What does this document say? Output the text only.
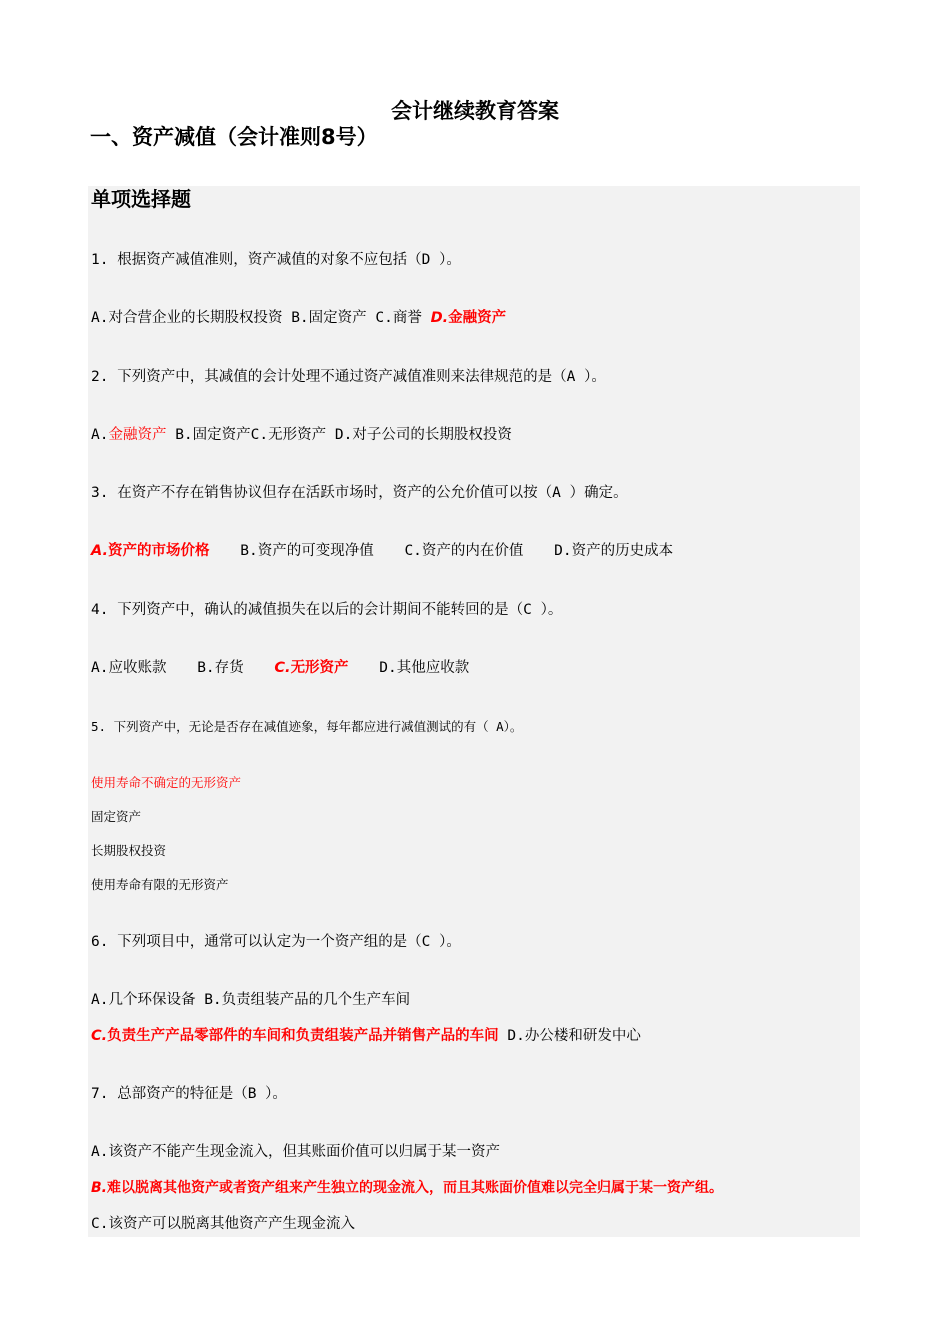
会计继续教育答案
一、资产减值（会计准则8号）
单项选择题

1. 根据资产减值准则，资产减值的对象不应包括（D ）。

A.对合营企业的长期股权投资 B.固定资产 C.商誉 D.金融资产

2. 下列资产中，其减值的会计处理不通过资产减值准则来法律规范的是（A ）。

A.金融资产 B.固定资产C.无形资产 D.对子公司的长期股权投资

3. 在资产不存在销售协议但存在活跃市场时，资产的公允价值可以按（A ）确定。

A.资产的市场价格 B.资产的可变现净值 C.资产的内在价值 D.资产的历史成本

4. 下列资产中，确认的减值损失在以后的会计期间不能转回的是（C ）。

A.应收账款 B.存货 C.无形资产 D.其他应收款

5. 下列资产中，无论是否存在减值迹象，每年都应进行减值测试的有（ A）。

使用寿命不确定的无形资产

固定资产

长期股权投资

使用寿命有限的无形资产

6. 下列项目中，通常可以认定为一个资产组的是（C ）。

A.几个环保设备 B.负责组装产品的几个生产车间

C.负责生产产品零部件的车间和负责组装产品并销售产品的车间 D.办公楼和研发中心

7. 总部资产的特征是（B ）。

A.该资产不能产生现金流入，但其账面价值可以归属于某一资产

B.难以脱离其他资产或者资产组来产生独立的现金流入，而且其账面价值难以完全归属于某一资产组。

C.该资产可以脱离其他资产产生现金流入
